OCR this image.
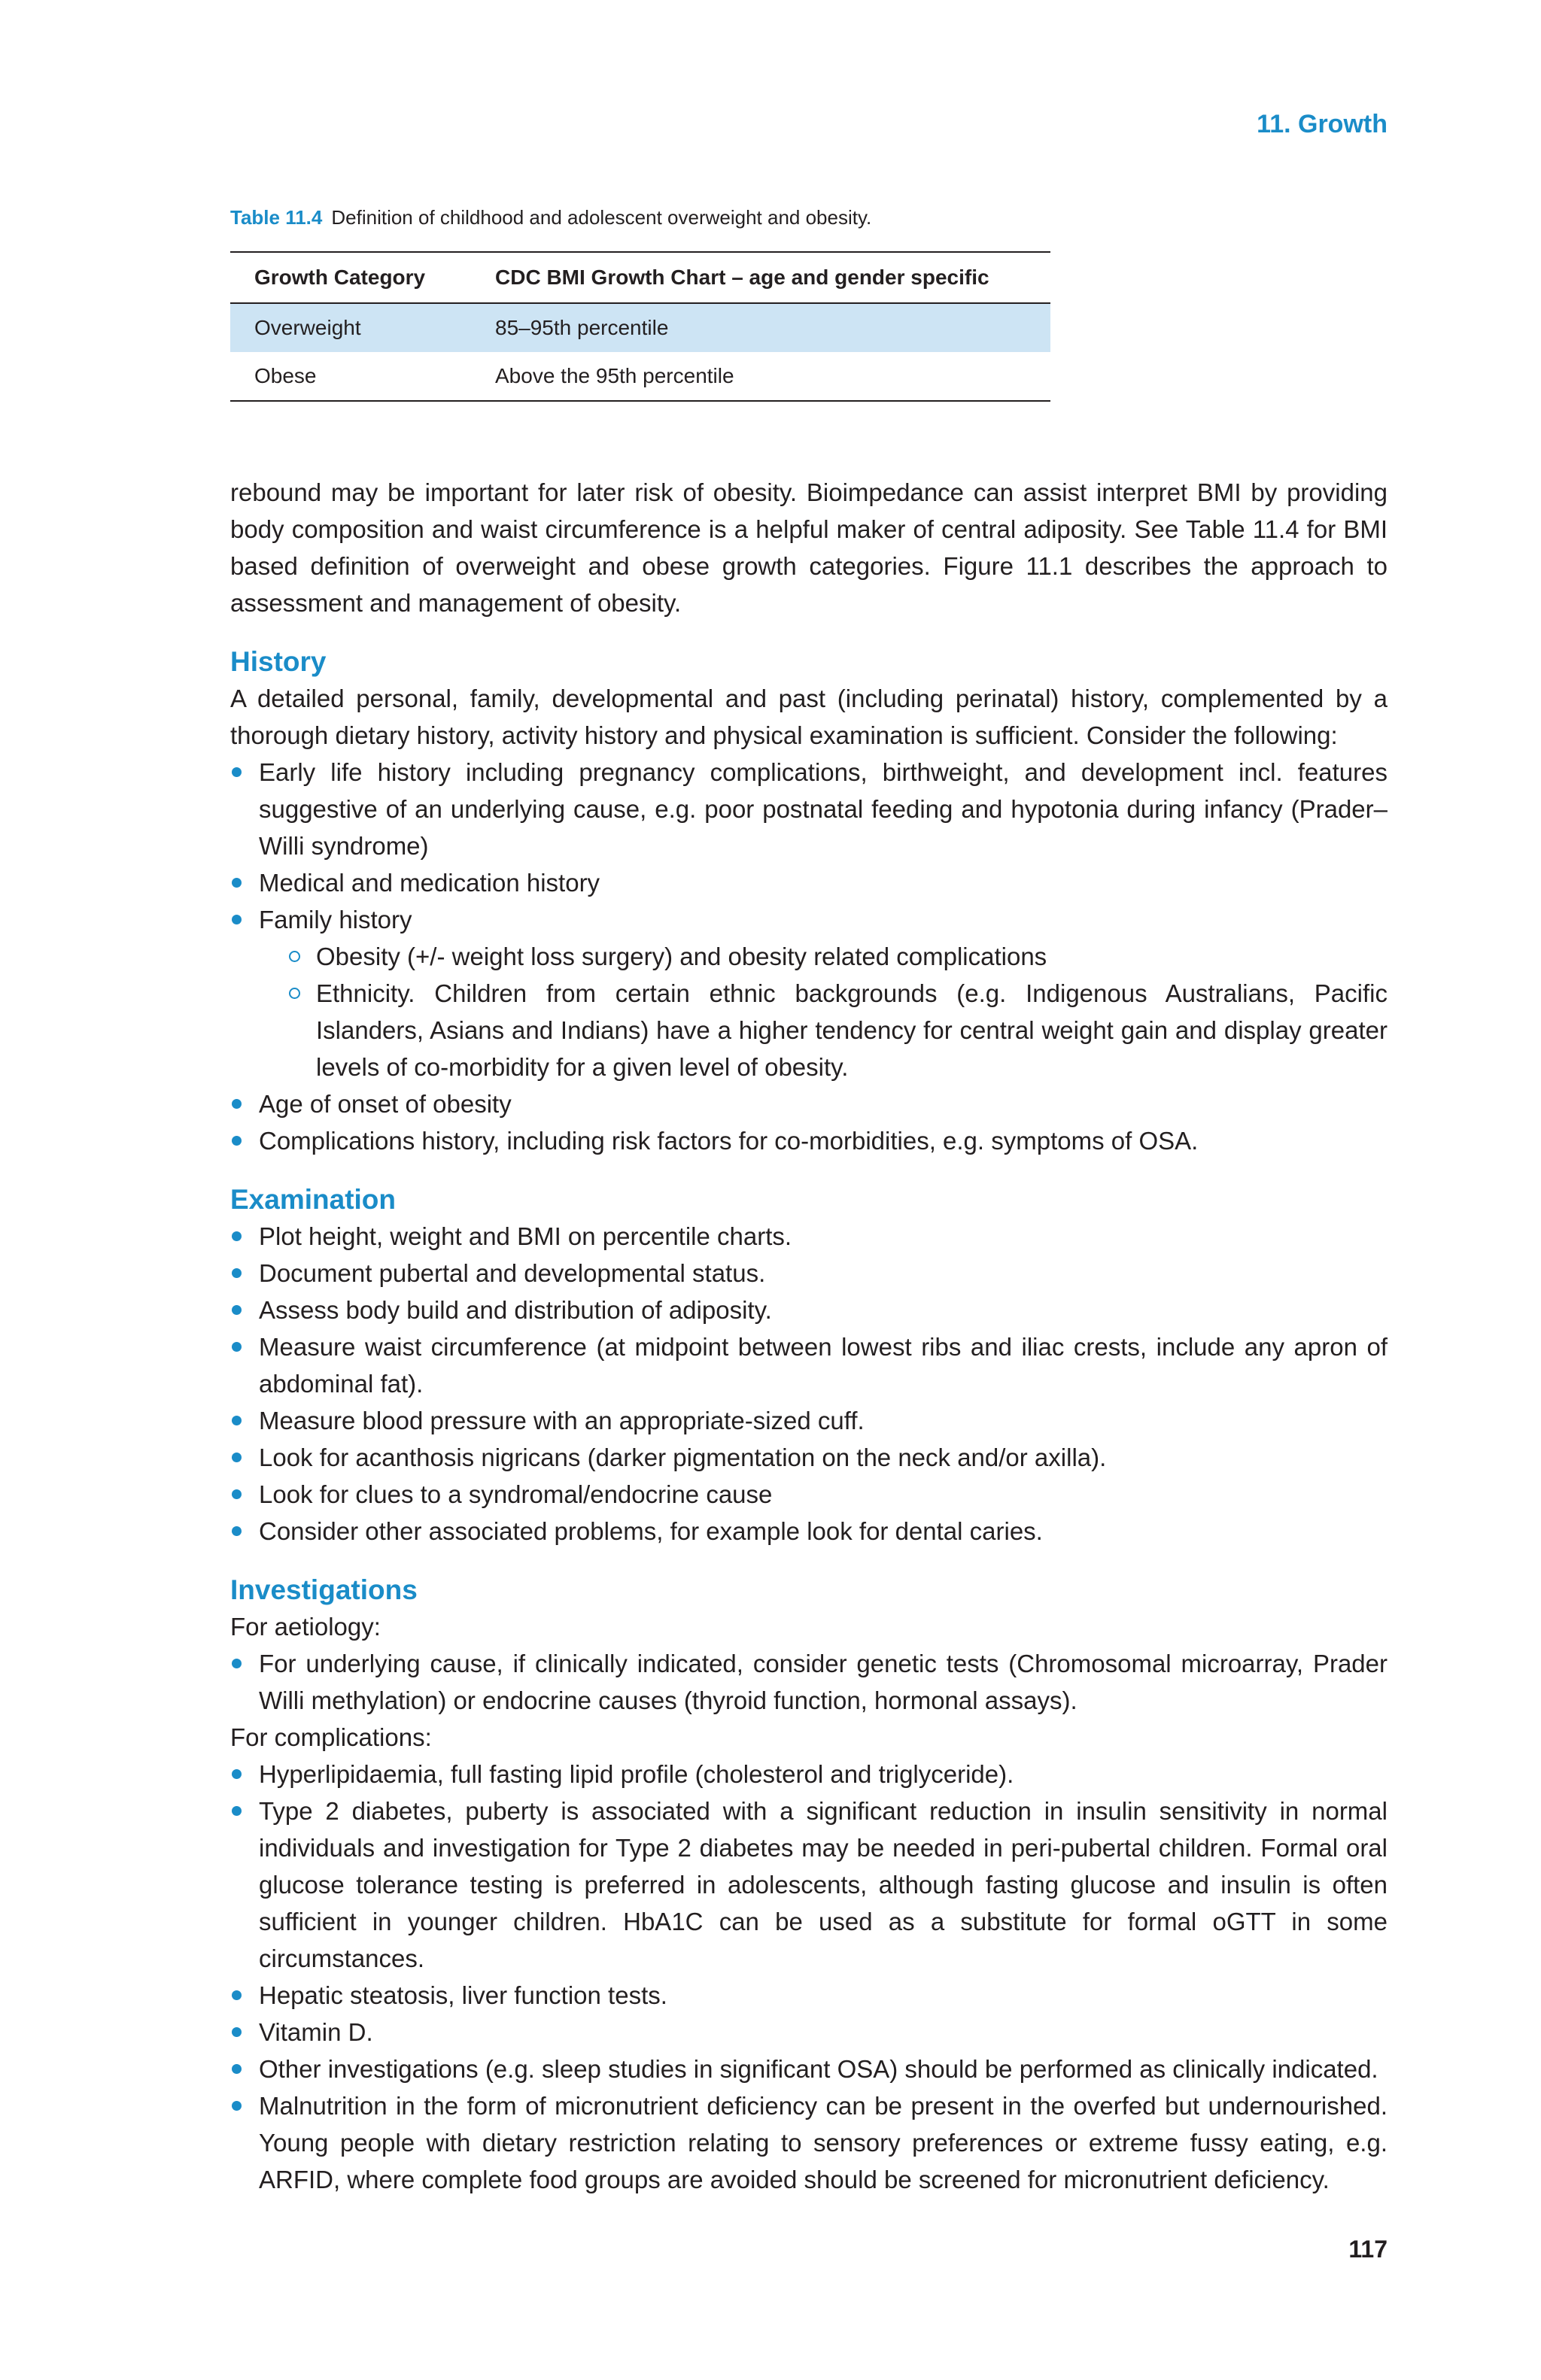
11. Growth
Table 11.4 Definition of childhood and adolescent overweight and obesity.
Growth Category	CDC BMI Growth Chart – age and gender specific
Overweight	85–95th percentile
Obese	Above the 95th percentile

rebound may be important for later risk of obesity. Bioimpedance can assist interpret BMI by providing body composition and waist circumference is a helpful maker of central adiposity. See Table 11.4 for BMI based definition of overweight and obese growth categories. Figure 11.1 describes the approach to assessment and management of obesity.

History

A detailed personal, family, developmental and past (including perinatal) history, complemented by a thorough dietary history, activity history and physical examination is sufficient. Consider the following:

Early life history including pregnancy complications, birthweight, and development incl. features suggestive of an underlying cause, e.g. poor postnatal feeding and hypotonia during infancy (Prader–Willi syndrome)
Medical and medication history
Family history
Obesity (+/- weight loss surgery) and obesity related complications
Ethnicity. Children from certain ethnic backgrounds (e.g. Indigenous Australians, Pacific Islanders, Asians and Indians) have a higher tendency for central weight gain and display greater levels of co-morbidity for a given level of obesity.
Age of onset of obesity
Complications history, including risk factors for co-morbidities, e.g. symptoms of OSA.
Examination
Plot height, weight and BMI on percentile charts.
Document pubertal and developmental status.
Assess body build and distribution of adiposity.
Measure waist circumference (at midpoint between lowest ribs and iliac crests, include any apron of abdominal fat).
Measure blood pressure with an appropriate-sized cuff.
Look for acanthosis nigricans (darker pigmentation on the neck and/or axilla).
Look for clues to a syndromal/endocrine cause
Consider other associated problems, for example look for dental caries.
Investigations

For aetiology:

For underlying cause, if clinically indicated, consider genetic tests (Chromosomal microarray, Prader Willi methylation) or endocrine causes (thyroid function, hormonal assays).

For complications:

Hyperlipidaemia, full fasting lipid profile (cholesterol and triglyceride).
Type 2 diabetes, puberty is associated with a significant reduction in insulin sensitivity in normal individuals and investigation for Type 2 diabetes may be needed in peri-pubertal children. Formal oral glucose tolerance testing is preferred in adolescents, although fasting glucose and insulin is often sufficient in younger children. HbA1C can be used as a substitute for formal oGTT in some circumstances.
Hepatic steatosis, liver function tests.
Vitamin D.
Other investigations (e.g. sleep studies in significant OSA) should be performed as clinically indicated.
Malnutrition in the form of micronutrient deficiency can be present in the overfed but undernourished. Young people with dietary restriction relating to sensory preferences or extreme fussy eating, e.g. ARFID, where complete food groups are avoided should be screened for micronutrient deficiency.
117
